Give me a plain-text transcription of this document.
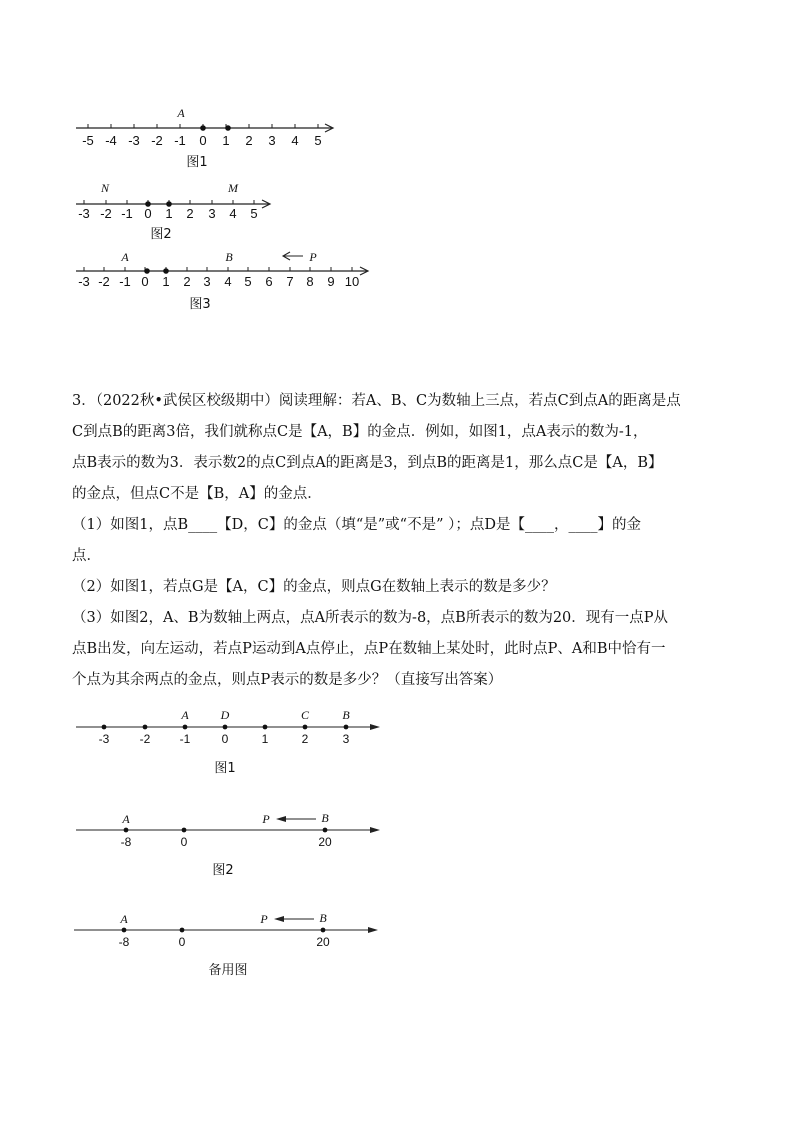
-5 -4 -3 -2 -1 0 1 2 3 4 5
A
图1
-3 -2 -1 0 1 2 3 4 5
N	M
图2
-3 -2 -1 0 1 2 3 4 5 6 7 8 9 10
A	B	P
图3

3．（2022秋•武侯区校级期中）阅读理解：若A、B、C为数轴上三点，若点C到点A的距离是点

C到点B的距离3倍，我们就称点C是【A，B】的金点．例如，如图1，点A表示的数为-1，

点B表示的数为3．表示数2的点C到点A的距离是3，到点B的距离是1，那么点C是【A，B】

的金点，但点C不是【B，A】的金点．

（1）如图1，点B____【D，C】的金点（填“是”或“不是” ）；点D是【____，____】的金

点．

（2）如图1，若点G是【A，C】的金点，则点G在数轴上表示的数是多少？

（3）如图2，A、B为数轴上两点，点A所表示的数为-8，点B所表示的数为20．现有一点P从

点B出发，向左运动，若点P运动到A点停止，点P在数轴上某处时，此时点P、A和B中恰有一

个点为其余两点的金点，则点P表示的数是多少？（直接写出答案）

-3	-2 -1
A
0
D
1	2
C
3
B
图1
-8
A
0	20
B
P
图2
-8
A
0	20
B
P
备用图
